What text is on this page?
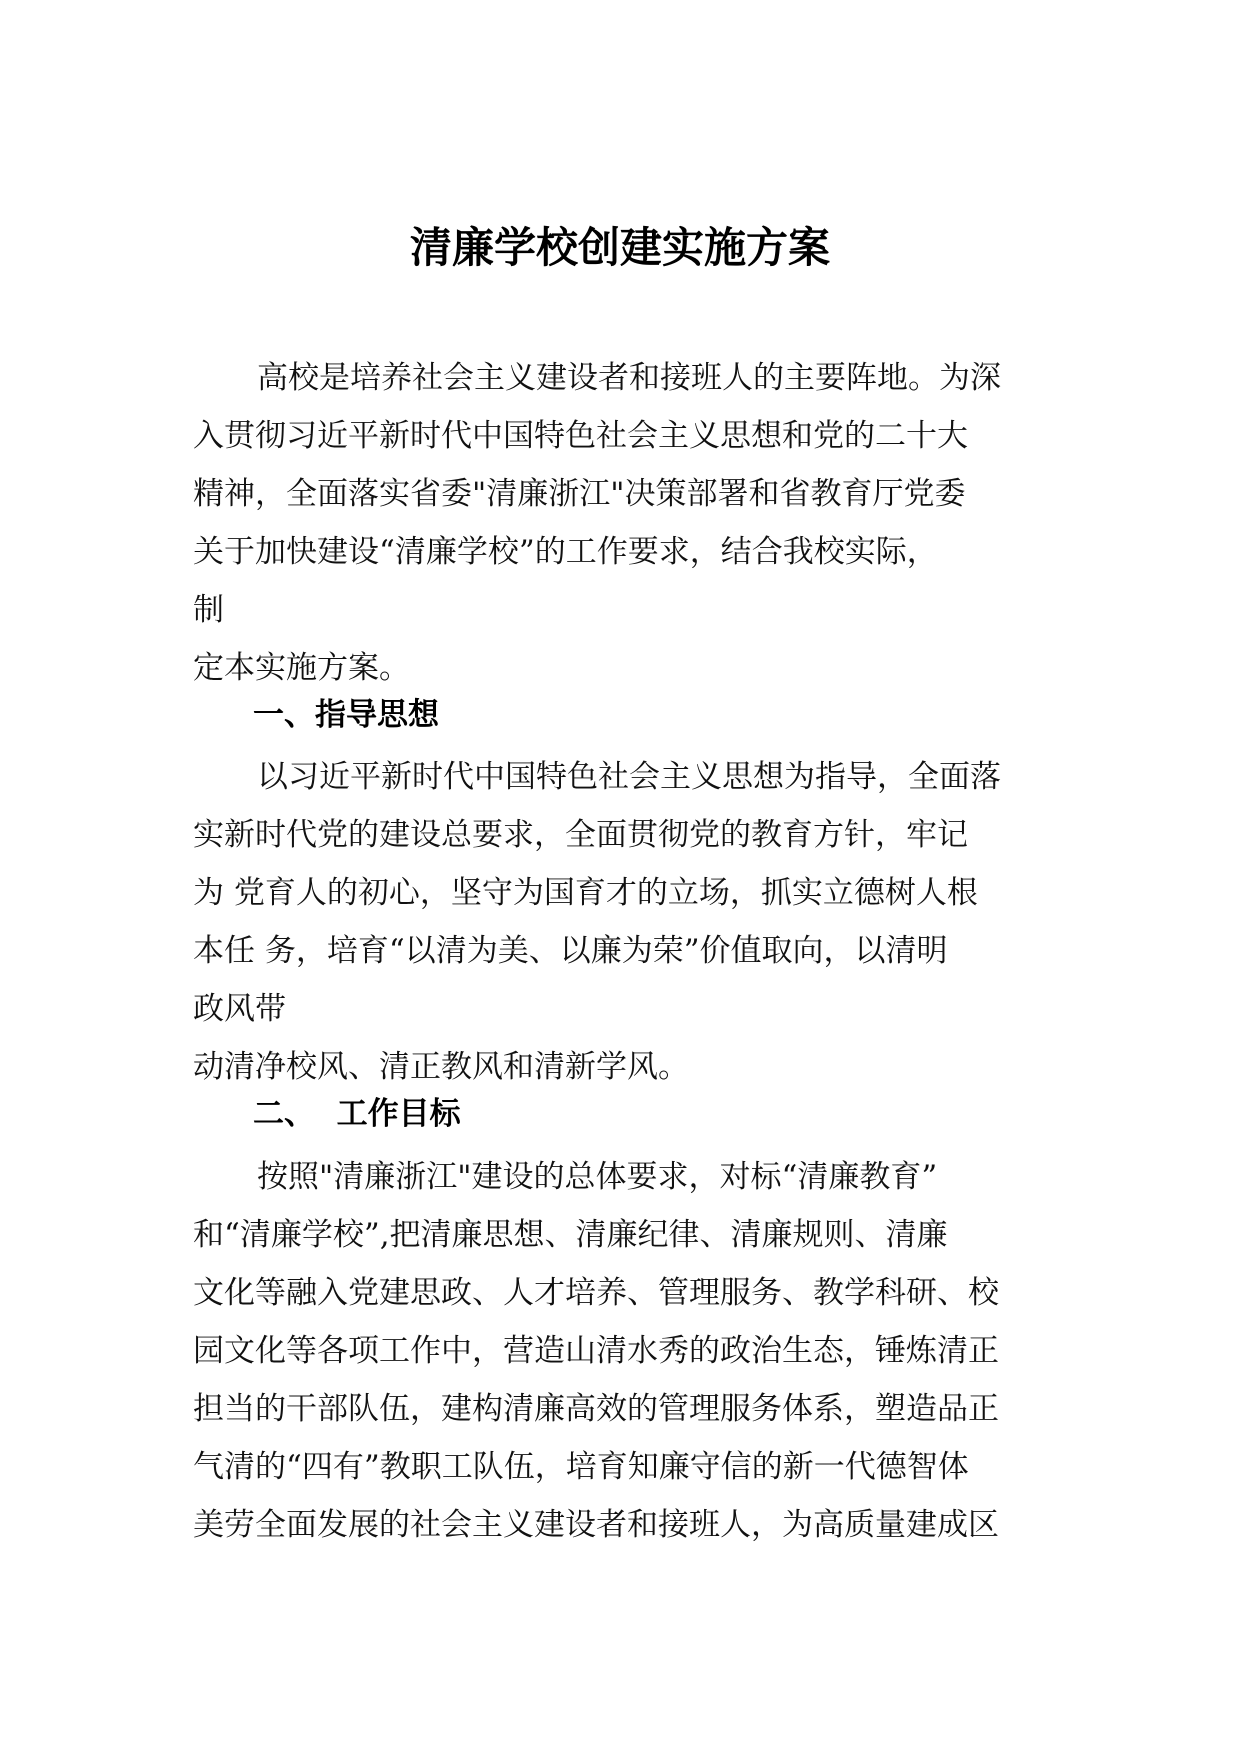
清廉学校创建实施方案
高校是培养社会主义建设者和接班人的主要阵地。为深
入贯彻习近平新时代中国特色社会主义思想和党的二十大
精神，全面落实省委"清廉浙江"决策部署和省教育厅党委
关于加快建设“清廉学校”的工作要求，结合我校实际，
制
定本实施方案。
一、指导思想
以习近平新时代中国特色社会主义思想为指导，全面落
实新时代党的建设总要求，全面贯彻党的教育方针，牢记
为 党育人的初心，坚守为国育才的立场，抓实立德树人根
本任 务，培育“以清为美、以廉为荣”价值取向，以清明
政风带
动清净校风、清正教风和清新学风。
二、  工作目标
按照"清廉浙江"建设的总体要求，对标“清廉教育”
和“清廉学校”,把清廉思想、清廉纪律、清廉规则、清廉
文化等融入党建思政、人才培养、管理服务、教学科研、校
园文化等各项工作中，营造山清水秀的政治生态，锤炼清正
担当的干部队伍，建构清廉高效的管理服务体系，塑造品正
气清的“四有”教职工队伍，培育知廉守信的新一代德智体
美劳全面发展的社会主义建设者和接班人，为高质量建成区
